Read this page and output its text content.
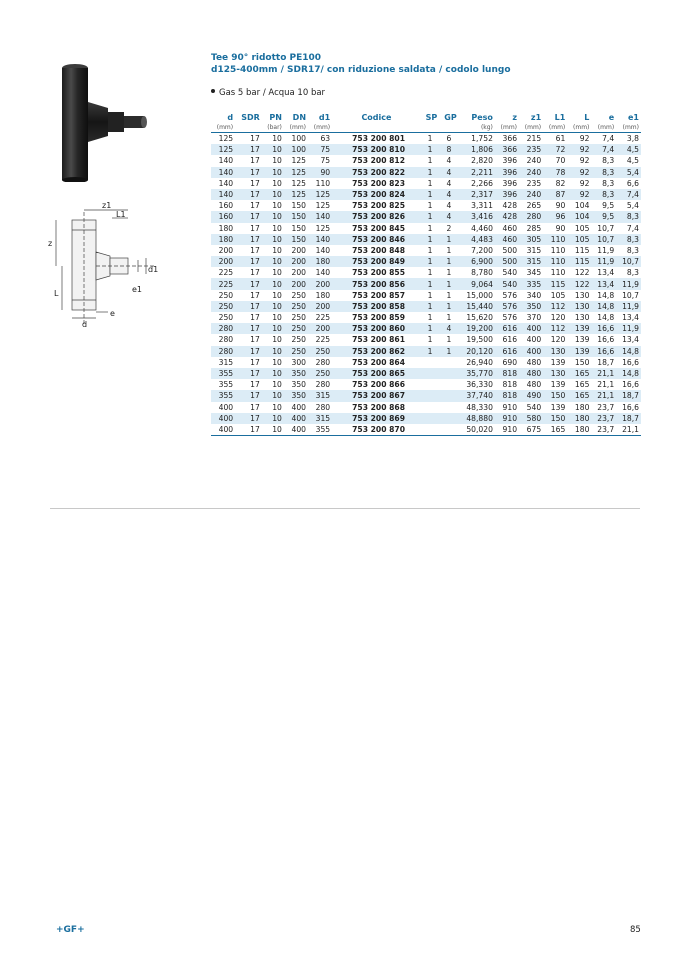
Tee 90° ridotto PE100
d125-400mm / SDR17/ con riduzione saldata / codolo lungo
Gas 5 bar / Acqua 10 bar
z1
L1
z
d1
e1
L
e
d
d	SDR	PN	DN	d1	Codice	SP	GP	Peso	z	z1	L1	L	e	e1
(mm)		(bar)	(mm)	(mm)				(kg)	(mm)	(mm)	(mm)	(mm)	(mm)	(mm)
125	17	10	100	63	753 200 801	1	6	1,752	366	215	61	92	7,4	3,8
125	17	10	100	75	753 200 810	1	8	1,806	366	235	72	92	7,4	4,5
140	17	10	125	75	753 200 812	1	4	2,820	396	240	70	92	8,3	4,5
140	17	10	125	90	753 200 822	1	4	2,211	396	240	78	92	8,3	5,4
140	17	10	125	110	753 200 823	1	4	2,266	396	235	82	92	8,3	6,6
140	17	10	125	125	753 200 824	1	4	2,317	396	240	87	92	8,3	7,4
160	17	10	150	125	753 200 825	1	4	3,311	428	265	90	104	9,5	5,4
160	17	10	150	140	753 200 826	1	4	3,416	428	280	96	104	9,5	8,3
180	17	10	150	125	753 200 845	1	2	4,460	460	285	90	105	10,7	7,4
180	17	10	150	140	753 200 846	1	1	4,483	460	305	110	105	10,7	8,3
200	17	10	200	140	753 200 848	1	1	7,200	500	315	110	115	11,9	8,3
200	17	10	200	180	753 200 849	1	1	6,900	500	315	110	115	11,9	10,7
225	17	10	200	140	753 200 855	1	1	8,780	540	345	110	122	13,4	8,3
225	17	10	200	200	753 200 856	1	1	9,064	540	335	115	122	13,4	11,9
250	17	10	250	180	753 200 857	1	1	15,000	576	340	105	130	14,8	10,7
250	17	10	250	200	753 200 858	1	1	15,440	576	350	112	130	14,8	11,9
250	17	10	250	225	753 200 859	1	1	15,620	576	370	120	130	14,8	13,4
280	17	10	250	200	753 200 860	1	4	19,200	616	400	112	139	16,6	11,9
280	17	10	250	225	753 200 861	1	1	19,500	616	400	120	139	16,6	13,4
280	17	10	250	250	753 200 862	1	1	20,120	616	400	130	139	16,6	14,8
315	17	10	300	280	753 200 864			26,940	690	480	139	150	18,7	16,6
355	17	10	350	250	753 200 865			35,770	818	480	130	165	21,1	14,8
355	17	10	350	280	753 200 866			36,330	818	480	139	165	21,1	16,6
355	17	10	350	315	753 200 867			37,740	818	490	150	165	21,1	18,7
400	17	10	400	280	753 200 868			48,330	910	540	139	180	23,7	16,6
400	17	10	400	315	753 200 869			48,880	910	580	150	180	23,7	18,7
400	17	10	400	355	753 200 870			50,020	910	675	165	180	23,7	21,1
+GF+	85
